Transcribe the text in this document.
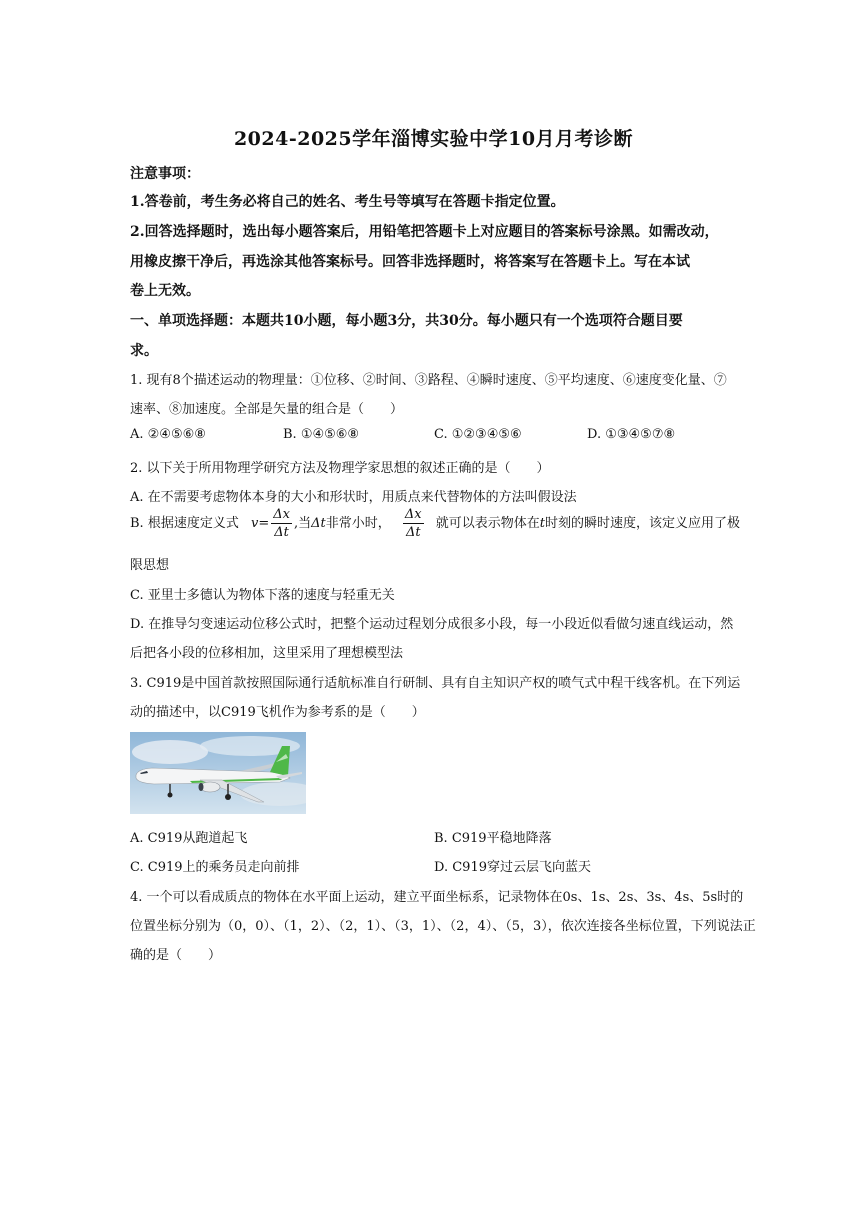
2024-2025学年淄博实验中学10月月考诊断
注意事项：
1.答卷前，考生务必将自己的姓名、考生号等填写在答题卡指定位置。
2.回答选择题时，选出每小题答案后，用铅笔把答题卡上对应题目的答案标号涂黑。如需改动，
用橡皮擦干净后，再选涂其他答案标号。回答非选择题时，将答案写在答题卡上。写在本试
卷上无效。
一、单项选择题：本题共10小题，每小题3分，共30分。每小题只有一个选项符合题目要
求。
1. 现有8个描述运动的物理量：①位移、②时间、③路程、④瞬时速度、⑤平均速度、⑥速度变化量、⑦
速率、⑧加速度。全部是矢量的组合是（　　）
A. ②④⑤⑥⑧	B. ①④⑤⑥⑧	C. ①②③④⑤⑥	D. ①③④⑤⑦⑧
2. 以下关于所用物理学研究方法及物理学家思想的叙述正确的是（　　）
A. 在不需要考虑物体本身的大小和形状时，用质点来代替物体的方法叫假设法
B. 根据速度定义式 $v= \frac{\Delta x}{\Delta t}$ ,当Δt非常小时， $\frac{\Delta x}{\Delta t}$ 就可以表示物体在t时刻的瞬时速度，该定义应用了极
限思想
C. 亚里士多德认为物体下落的速度与轻重无关
D. 在推导匀变速运动位移公式时，把整个运动过程划分成很多小段，每一小段近似看做匀速直线运动，然
后把各小段的位移相加，这里采用了理想模型法
3. C919是中国首款按照国际通行适航标准自行研制、具有自主知识产权的喷气式中程干线客机。在下列运
动的描述中，以C919飞机作为参考系的是（　　）
A. C919从跑道起飞	B. C919平稳地降落
C. C919上的乘务员走向前排	D. C919穿过云层飞向蓝天
4. 一个可以看成质点的物体在水平面上运动，建立平面坐标系，记录物体在0s、1s、2s、3s、4s、5s时的
位置坐标分别为（0，0）、（1，2）、（2，1）、（3，1）、（2，4）、（5，3），依次连接各坐标位置，下列说法正
确的是（　　）
